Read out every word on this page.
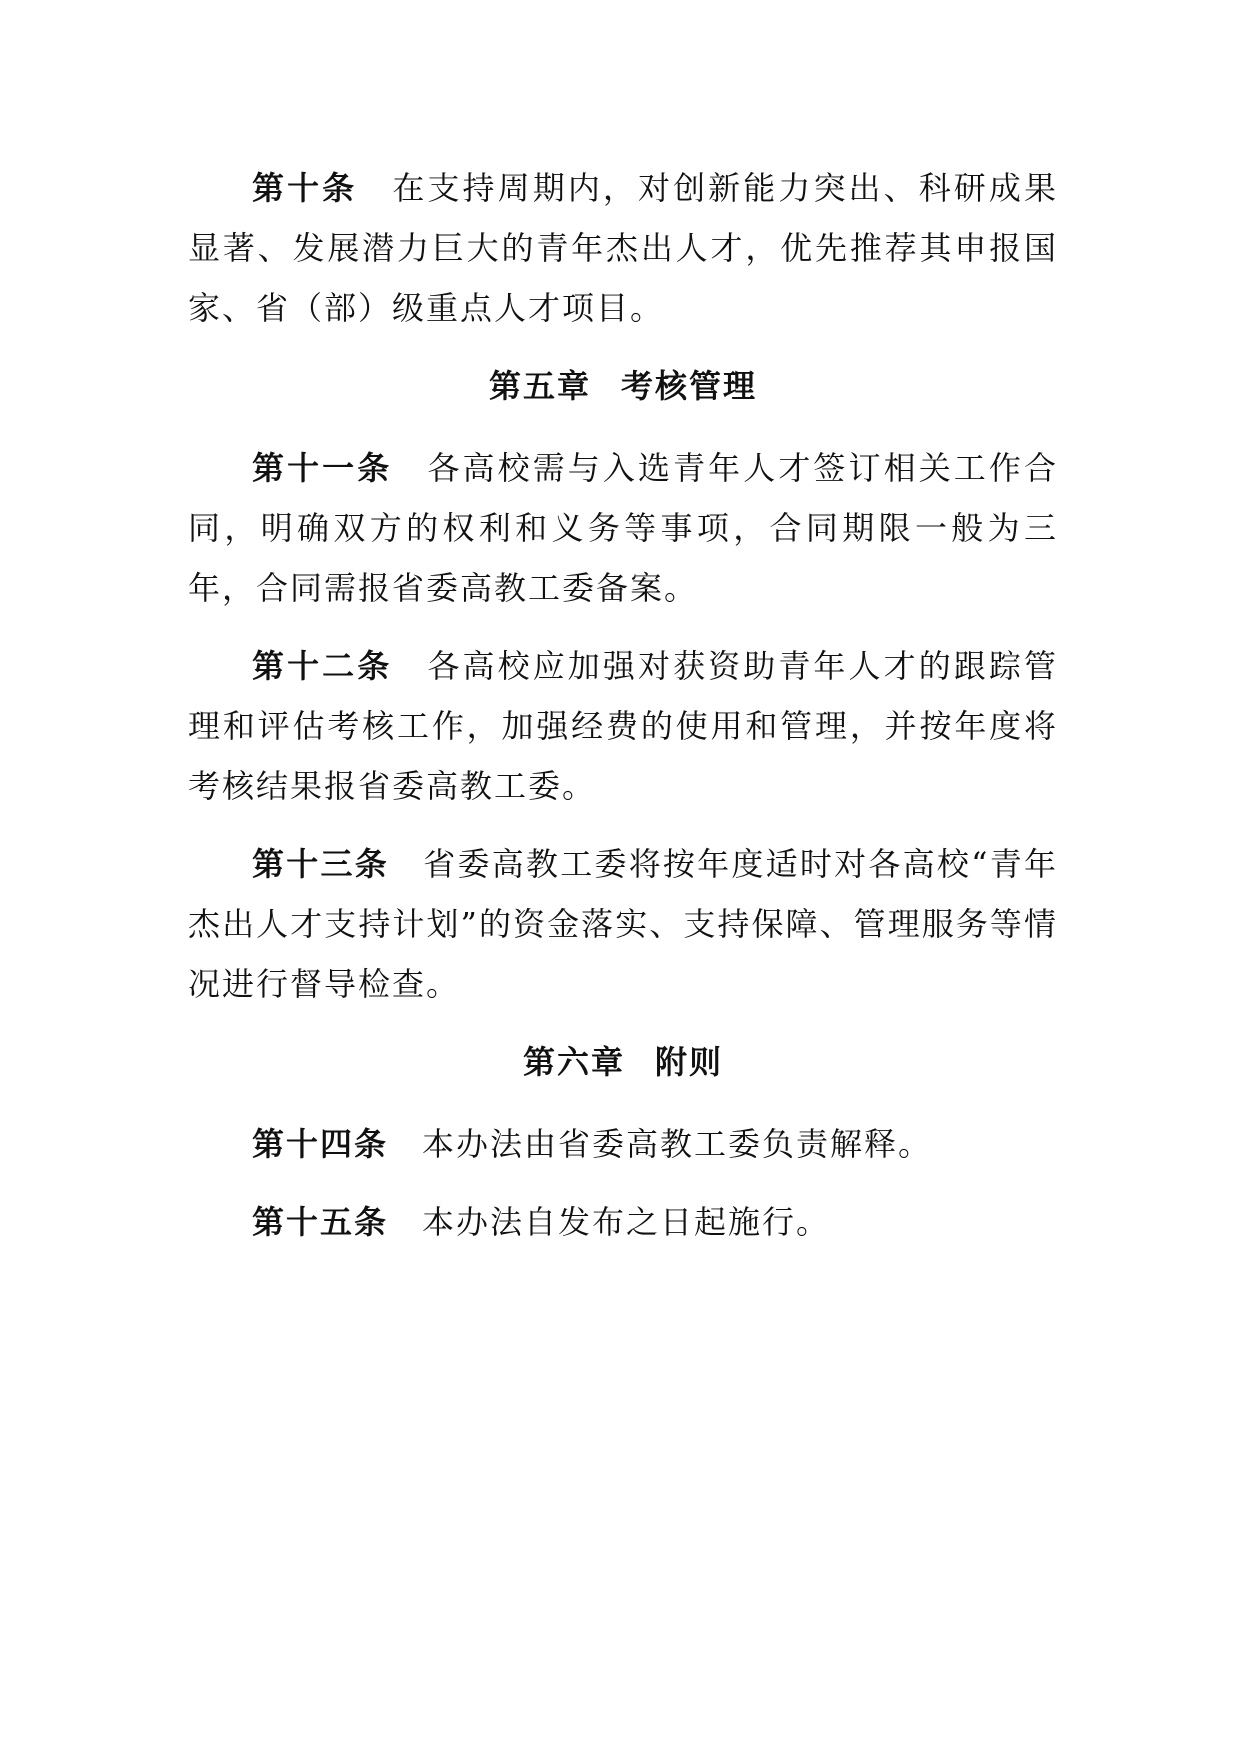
第十条 在支持周期内，对创新能力突出、科研成果显著、发展潜力巨大的青年杰出人才，优先推荐其申报国家、省（部）级重点人才项目。

第五章 考核管理

第十一条 各高校需与入选青年人才签订相关工作合同，明确双方的权利和义务等事项，合同期限一般为三年，合同需报省委高教工委备案。

第十二条 各高校应加强对获资助青年人才的跟踪管理和评估考核工作，加强经费的使用和管理，并按年度将考核结果报省委高教工委。

第十三条 省委高教工委将按年度适时对各高校“青年杰出人才支持计划”的资金落实、支持保障、管理服务等情况进行督导检查。

第六章 附则

第十四条 本办法由省委高教工委负责解释。

第十五条 本办法自发布之日起施行。
